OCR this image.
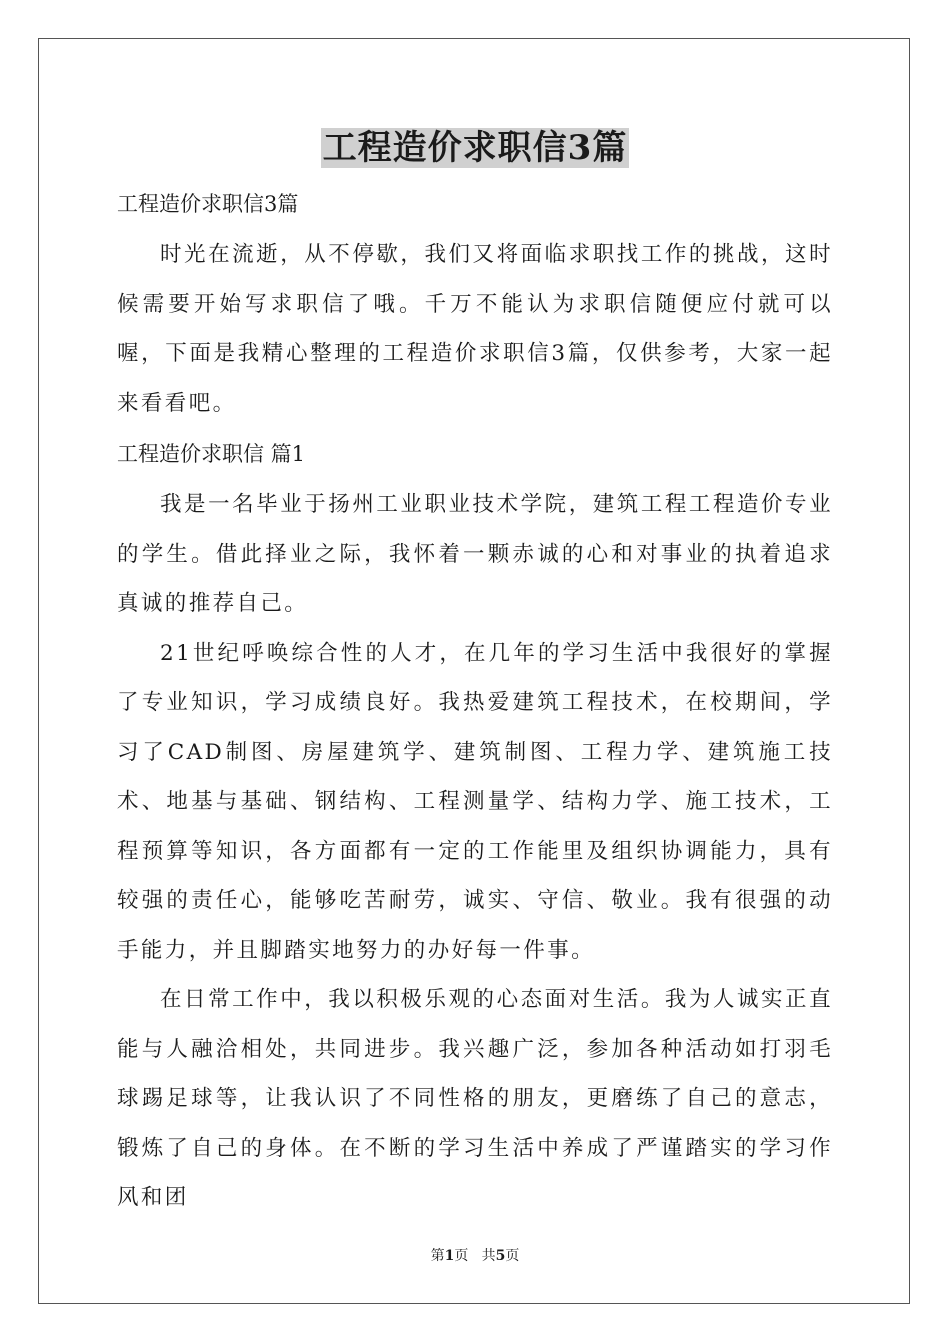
工程造价求职信3篇

工程造价求职信3篇

时光在流逝，从不停歇，我们又将面临求职找工作的挑战，这时候需要开始写求职信了哦。千万不能认为求职信随便应付就可以喔，下面是我精心整理的工程造价求职信3篇，仅供参考，大家一起来看看吧。

工程造价求职信 篇1

我是一名毕业于扬州工业职业技术学院，建筑工程工程造价专业的学生。借此择业之际，我怀着一颗赤诚的心和对事业的执着追求真诚的推荐自己。

21世纪呼唤综合性的人才，在几年的学习生活中我很好的掌握了专业知识，学习成绩良好。我热爱建筑工程技术，在校期间，学习了CAD制图、房屋建筑学、建筑制图、工程力学、建筑施工技术、地基与基础、钢结构、工程测量学、结构力学、施工技术，工程预算等知识，各方面都有一定的工作能里及组织协调能力，具有较强的责任心，能够吃苦耐劳，诚实、守信、敬业。我有很强的动手能力，并且脚踏实地努力的办好每一件事。

在日常工作中，我以积极乐观的心态面对生活。我为人诚实正直能与人融洽相处，共同进步。我兴趣广泛，参加各种活动如打羽毛球踢足球等，让我认识了不同性格的朋友，更磨练了自己的意志，锻炼了自己的身体。在不断的学习生活中养成了严谨踏实的学习作风和团

第1页   共5页
